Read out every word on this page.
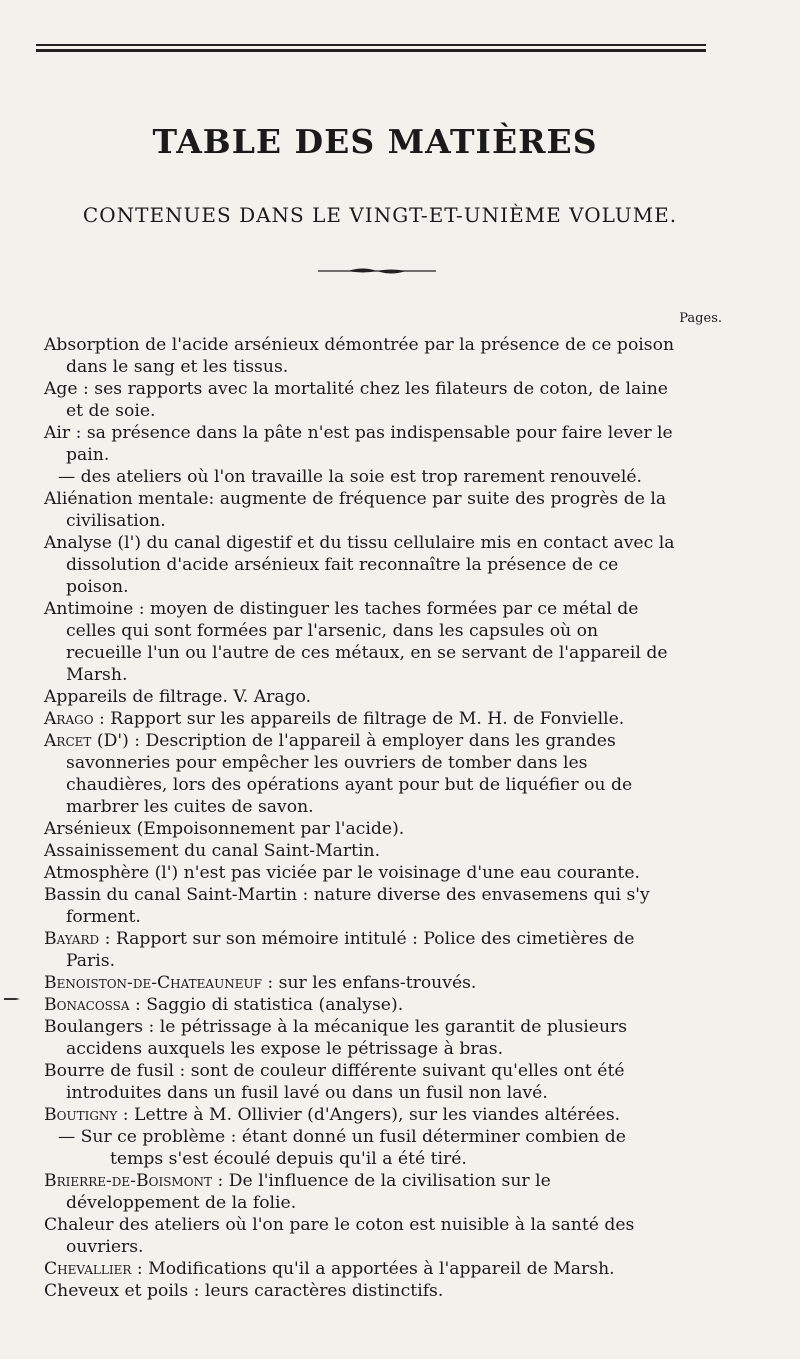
TABLE DES MATIÈRES
CONTENUES DANS LE VINGT-ET-UNIÈME VOLUME.
Pages.
Absorption de l'acide arsénieux démontrée par la présence de ce poison dans le sang et les tissus.
Age : ses rapports avec la mortalité chez les filateurs de coton, de laine et de soie.
Air : sa présence dans la pâte n'est pas indispensable pour faire lever le pain.
— des ateliers où l'on travaille la soie est trop rarement renouvelé.
Aliénation mentale: augmente de fréquence par suite des progrès de la civilisation.
Analyse (l') du canal digestif et du tissu cellulaire mis en contact avec la dissolution d'acide arsénieux fait reconnaître la présence de ce poison.
Antimoine : moyen de distinguer les taches formées par ce métal de celles qui sont formées par l'arsenic, dans les capsules où on recueille l'un ou l'autre de ces métaux, en se servant de l'appareil de Marsh.
Appareils de filtrage. V. Arago.
Arago : Rapport sur les appareils de filtrage de M. H. de Fonvielle.
Arcet (D') : Description de l'appareil à employer dans les grandes savonneries pour empêcher les ouvriers de tomber dans les chaudières, lors des opérations ayant pour but de liquéfier ou de marbrer les cuites de savon.
Arsénieux (Empoisonnement par l'acide).
Assainissement du canal Saint-Martin.
Atmosphère (l') n'est pas viciée par le voisinage d'une eau courante.
Bassin du canal Saint-Martin : nature diverse des envasemens qui s'y forment.
Bayard : Rapport sur son mémoire intitulé : Police des cimetières de Paris.
Benoiston-de-Chateauneuf : sur les enfans-trouvés.
Bonacossa : Saggio di statistica (analyse).
Boulangers : le pétrissage à la mécanique les garantit de plusieurs accidens auxquels les expose le pétrissage à bras.
Bourre de fusil : sont de couleur différente suivant qu'elles ont été introduites dans un fusil lavé ou dans un fusil non lavé.
Boutigny : Lettre à M. Ollivier (d'Angers), sur les viandes altérées.
— Sur ce problème : étant donné un fusil déterminer combien de temps s'est écoulé depuis qu'il a été tiré.
Brierre-de-Boismont : De l'influence de la civilisation sur le développement de la folie.
Chaleur des ateliers où l'on pare le coton est nuisible à la santé des ouvriers.
Chevallier : Modifications qu'il a apportées à l'appareil de Marsh.
Cheveux et poils : leurs caractères distinctifs.
